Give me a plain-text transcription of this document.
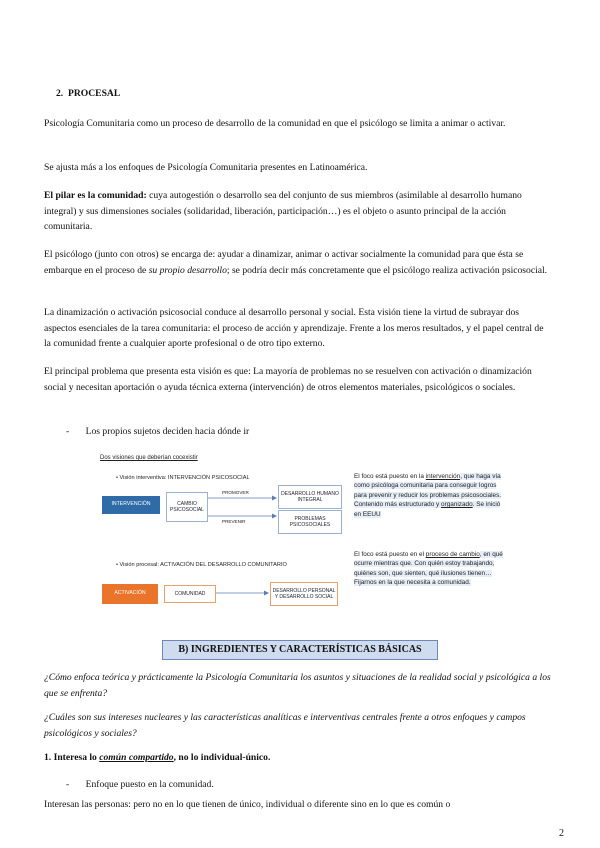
2. PROCESAL

Psicología Comunitaria como un proceso de desarrollo de la comunidad en que el psicólogo se limita a animar o activar.

Se ajusta más a los enfoques de Psicología Comunitaria presentes en Latinoamérica.

El pilar es la comunidad: cuya autogestión o desarrollo sea del conjunto de sus miembros (asimilable al desarrollo humano integral) y sus dimensiones sociales (solidaridad, liberación, participación…) es el objeto o asunto principal de la acción comunitaria.

El psicólogo (junto con otros) se encarga de: ayudar a dinamizar, animar o activar socialmente la comunidad para que ésta se embarque en el proceso de su propio desarrollo; se podría decir más concretamente que el psicólogo realiza activación psicosocial.

La dinamización o activación psicosocial conduce al desarrollo personal y social. Esta visión tiene la virtud de subrayar dos aspectos esenciales de la tarea comunitaria: el proceso de acción y aprendizaje. Frente a los meros resultados, y el papel central de la comunidad frente a cualquier aporte profesional o de otro tipo externo.

El principal problema que presenta esta visión es que: La mayoría de problemas no se resuelven con activación o dinamización social y necesitan aportación o ayuda técnica externa (intervención) de otros elementos materiales, psicológicos o sociales.

- Los propios sujetos deciden hacia dónde ir
Dos visiones que deberían cocexistir
• Visión interventiva: INTERVENCIÓN PSICOSOCIAL
INTERVENCIÓN	CAMBIO PSICOSOCIAL
PROMOVER
PREVENIR
DESARROLLO HUMANO INTEGRAL
PROBLEMAS PSICOSOCIALES
El foco está puesto en la intervención, que haga vía como psicóloga comunitaria para conseguir logros para prevenir y reducir los problemas psicosociales. Contenido más estructurado y organizado. Se inició en EEUU
• Visión procesal: ACTIVACIÓN DEL DESARROLLO COMUNITARIO
ACTIVACIÓN	COMUNIDAD	DESARROLLO PERSONAL Y DESARROLLO SOCIAL
El foco está puesto en el proceso de cambio, en qué ocurre mientras que. Con quién estoy trabajando, quiénes son, que sienten, qué ilusiones tienen… Fijarnos en la que necesita a comunidad.
B) INGREDIENTES Y CARACTERÍSTICAS BÁSICAS

¿Cómo enfoca teórica y prácticamente la Psicología Comunitaria los asuntos y situaciones de la realidad social y psicológica a los que se enfrenta?

¿Cuáles son sus intereses nucleares y las características analíticas e interventivas centrales frente a otros enfoques y campos psicológicos y sociales?

1. Interesa lo común compartido, no lo individual-único.

- Enfoque puesto en la comunidad.

Interesan las personas: pero no en lo que tienen de único, individual o diferente sino en lo que es común o

2
